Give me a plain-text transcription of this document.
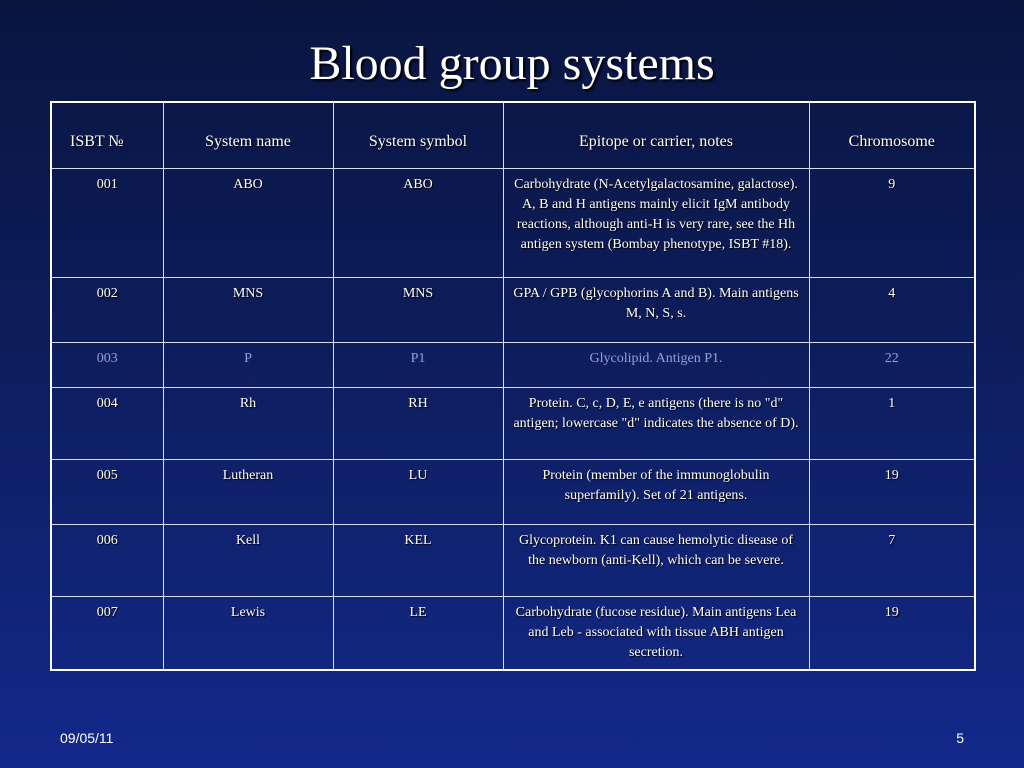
Blood group systems
ISBT №	System name	System symbol	Epitope or carrier, notes	Chromosome
001	ABO	ABO	Carbohydrate (N-Acetylgalactosamine, galactose). A, B and H antigens mainly elicit IgM antibody reactions, although anti-H is very rare, see the Hh antigen system (Bombay phenotype, ISBT #18).	9
002	MNS	MNS	GPA / GPB (glycophorins A and B). Main antigens M, N, S, s.	4
003	P	P1	Glycolipid. Antigen P1.	22
004	Rh	RH	Protein. C, c, D, E, e antigens (there is no "d" antigen; lowercase "d" indicates the absence of D).	1
005	Lutheran	LU	Protein (member of the immunoglobulin superfamily). Set of 21 antigens.	19
006	Kell	KEL	Glycoprotein. K1 can cause hemolytic disease of the newborn (anti-Kell), which can be severe.	7
007	Lewis	LE	Carbohydrate (fucose residue). Main antigens Lea and Leb - associated with tissue ABH antigen secretion.	19
09/05/11	5
